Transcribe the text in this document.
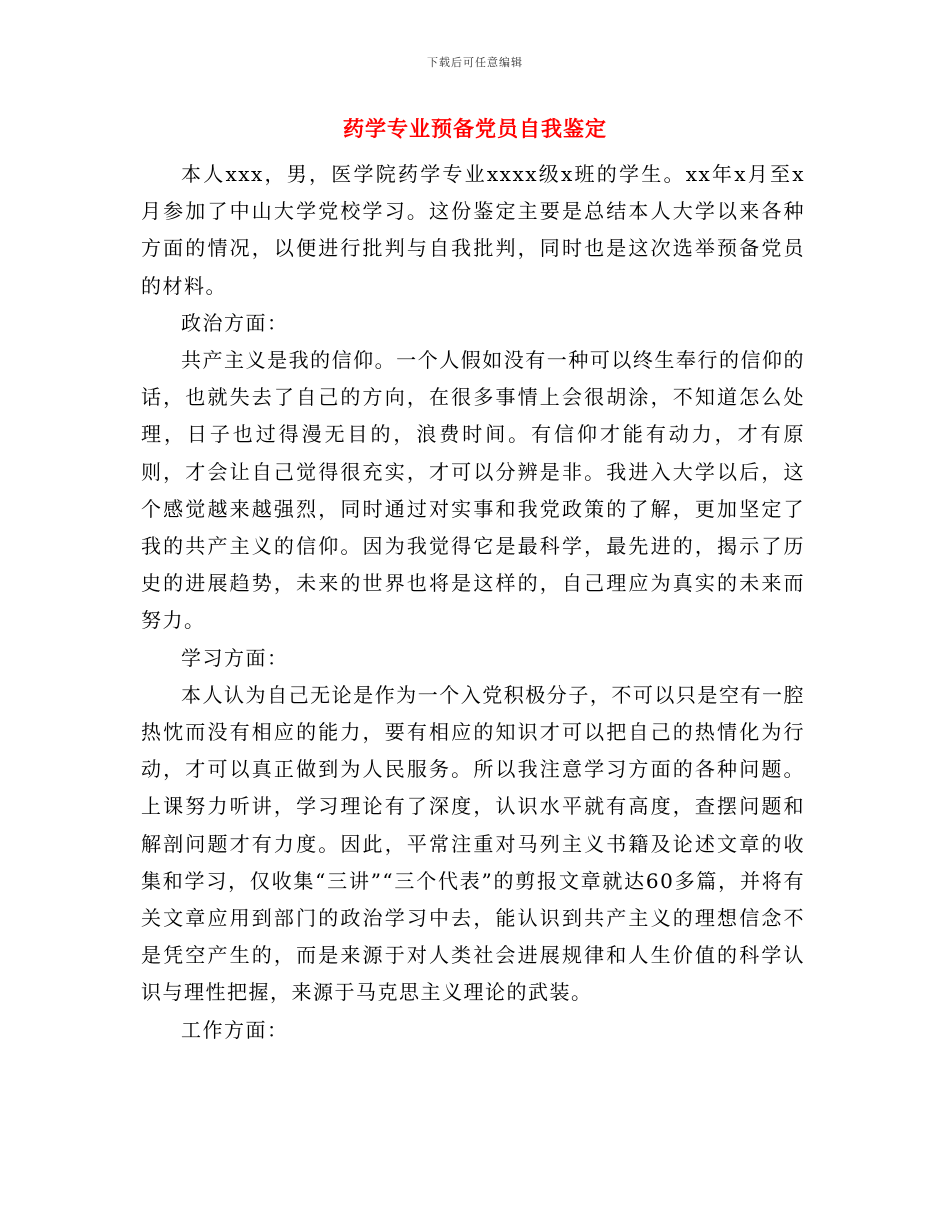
下载后可任意编辑
药学专业预备党员自我鉴定

本人xxx，男，医学院药学专业xxxx级x班的学生。xx年x月至x月参加了中山大学党校学习。这份鉴定主要是总结本人大学以来各种方面的情况，以便进行批判与自我批判，同时也是这次选举预备党员的材料。

政治方面：

共产主义是我的信仰。一个人假如没有一种可以终生奉行的信仰的话，也就失去了自己的方向，在很多事情上会很胡涂，不知道怎么处理，日子也过得漫无目的，浪费时间。有信仰才能有动力，才有原则，才会让自己觉得很充实，才可以分辨是非。我进入大学以后，这个感觉越来越强烈，同时通过对实事和我党政策的了解，更加坚定了我的共产主义的信仰。因为我觉得它是最科学，最先进的，揭示了历史的进展趋势，未来的世界也将是这样的，自己理应为真实的未来而努力。

学习方面：

本人认为自己无论是作为一个入党积极分子，不可以只是空有一腔热忱而没有相应的能力，要有相应的知识才可以把自己的热情化为行动，才可以真正做到为人民服务。所以我注意学习方面的各种问题。上课努力听讲，学习理论有了深度，认识水平就有高度，查摆问题和解剖问题才有力度。因此，平常注重对马列主义书籍及论述文章的收集和学习，仅收集“三讲”“三个代表”的剪报文章就达60多篇，并将有关文章应用到部门的政治学习中去，能认识到共产主义的理想信念不是凭空产生的，而是来源于对人类社会进展规律和人生价值的科学认识与理性把握，来源于马克思主义理论的武装。

工作方面：
